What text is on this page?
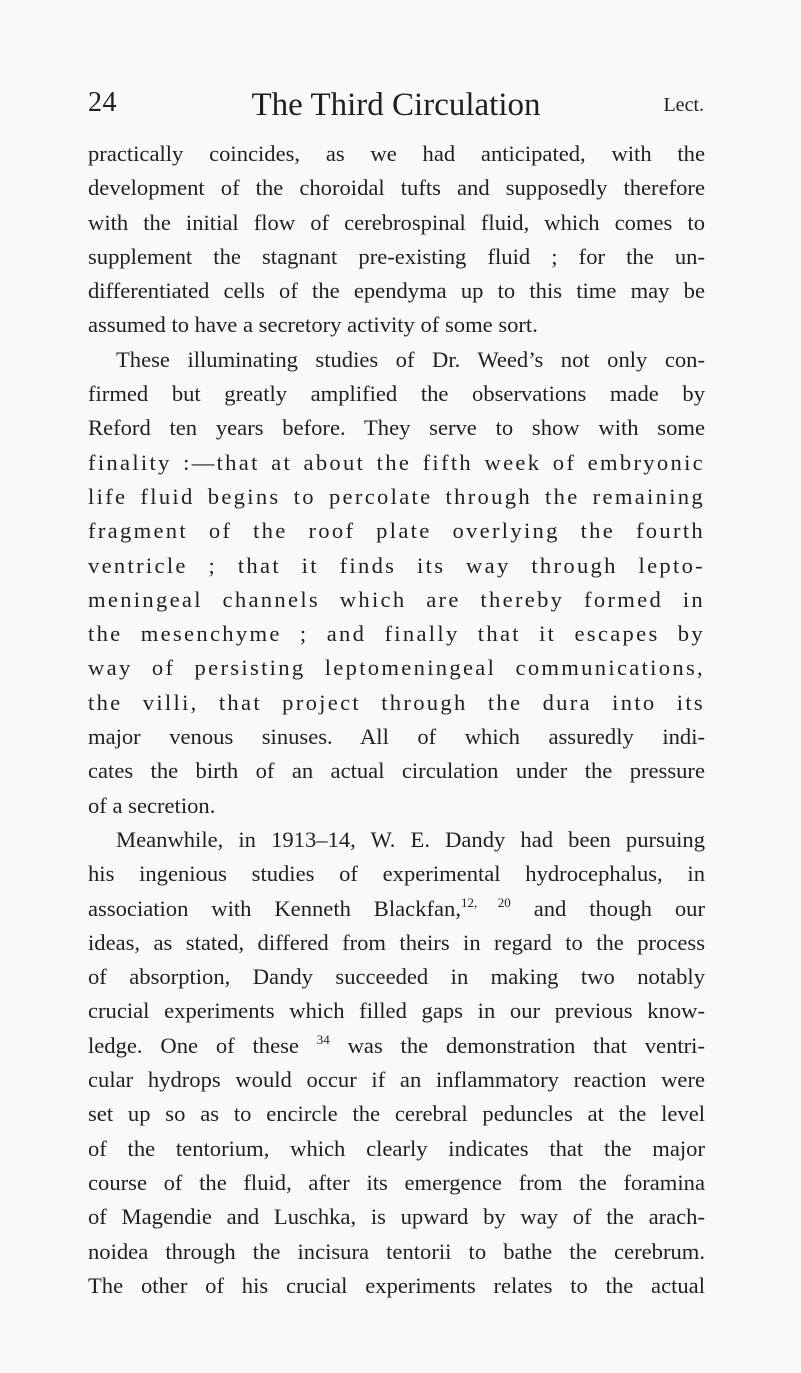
24	The Third Circulation	Lect.
practically coincides, as we had anticipated, with the
development of the choroidal tufts and supposedly therefore
with the initial flow of cerebrospinal fluid, which comes to
supplement the stagnant pre-existing fluid ; for the un-
differentiated cells of the ependyma up to this time may be
assumed to have a secretory activity of some sort.
These illuminating studies of Dr. Weed’s not only con-
firmed but greatly amplified the observations made by
Reford ten years before. They serve to show with some
finality :—that at about the fifth week of embryonic
life fluid begins to percolate through the remaining
fragment of the roof plate overlying the fourth
ventricle ; that it finds its way through lepto-
meningeal channels which are thereby formed in
the mesenchyme ; and finally that it escapes by
way of persisting leptomeningeal communications,
the villi, that project through the dura into its
major venous sinuses. All of which assuredly indi-
cates the birth of an actual circulation under the pressure
of a secretion.
Meanwhile, in 1913–14, W. E. Dandy had been pursuing
his ingenious studies of experimental hydrocephalus, in
association with Kenneth Blackfan,$^{12, 20}$ and though our
ideas, as stated, differed from theirs in regard to the process
of absorption, Dandy succeeded in making two notably
crucial experiments which filled gaps in our previous know-
ledge. One of these $^{34}$ was the demonstration that ventri-
cular hydrops would occur if an inflammatory reaction were
set up so as to encircle the cerebral peduncles at the level
of the tentorium, which clearly indicates that the major
course of the fluid, after its emergence from the foramina
of Magendie and Luschka, is upward by way of the arach-
noidea through the incisura tentorii to bathe the cerebrum.
The other of his crucial experiments relates to the actual
